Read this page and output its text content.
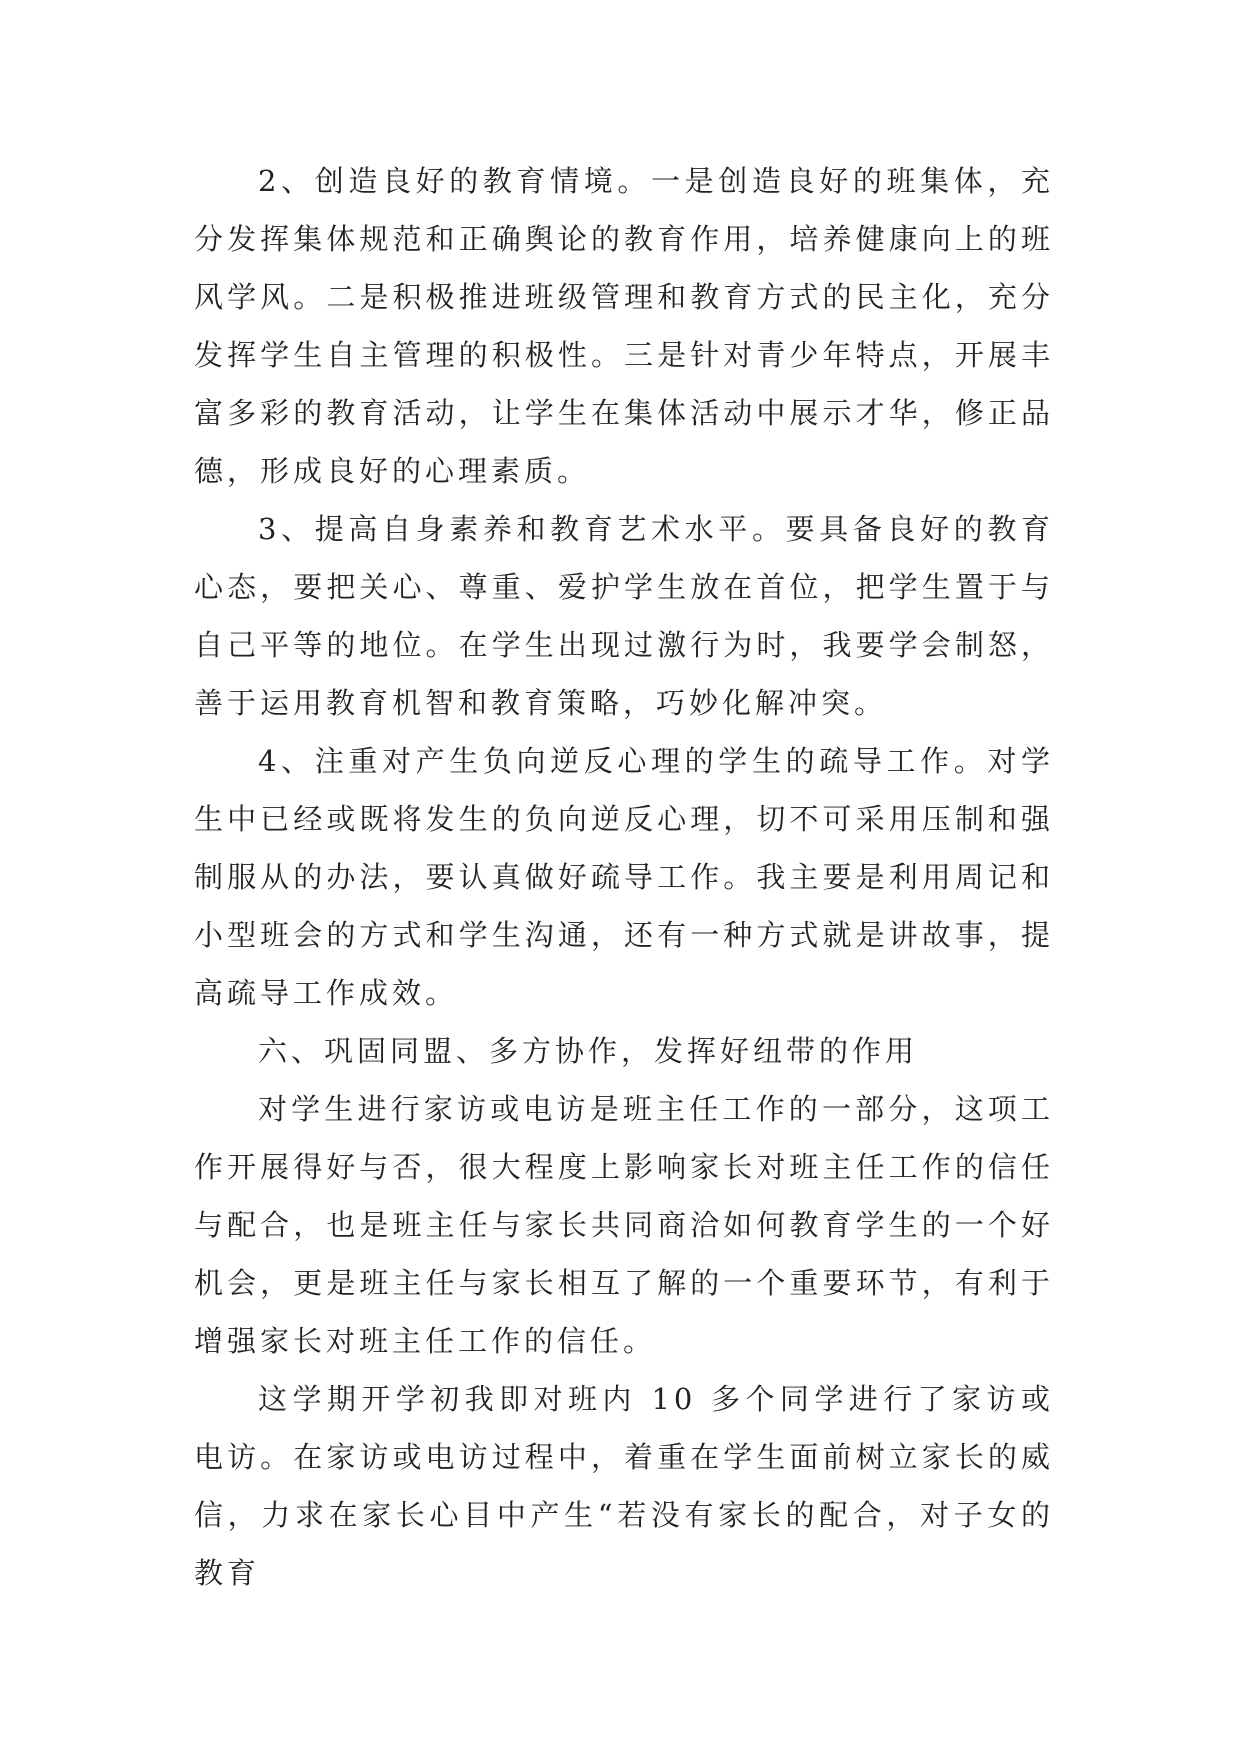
2、创造良好的教育情境。一是创造良好的班集体，充分发挥集体规范和正确舆论的教育作用，培养健康向上的班风学风。二是积极推进班级管理和教育方式的民主化，充分发挥学生自主管理的积极性。三是针对青少年特点，开展丰富多彩的教育活动，让学生在集体活动中展示才华，修正品德，形成良好的心理素质。

3、提高自身素养和教育艺术水平。要具备良好的教育心态，要把关心、尊重、爱护学生放在首位，把学生置于与自己平等的地位。在学生出现过激行为时，我要学会制怒，善于运用教育机智和教育策略，巧妙化解冲突。

4、注重对产生负向逆反心理的学生的疏导工作。对学生中已经或既将发生的负向逆反心理，切不可采用压制和强制服从的办法，要认真做好疏导工作。我主要是利用周记和小型班会的方式和学生沟通，还有一种方式就是讲故事，提高疏导工作成效。

六、巩固同盟、多方协作，发挥好纽带的作用

对学生进行家访或电访是班主任工作的一部分，这项工作开展得好与否，很大程度上影响家长对班主任工作的信任与配合，也是班主任与家长共同商洽如何教育学生的一个好机会，更是班主任与家长相互了解的一个重要环节，有利于增强家长对班主任工作的信任。

这学期开学初我即对班内 10 多个同学进行了家访或电访。在家访或电访过程中，着重在学生面前树立家长的威信，力求在家长心目中产生“若没有家长的配合，对子女的教育
